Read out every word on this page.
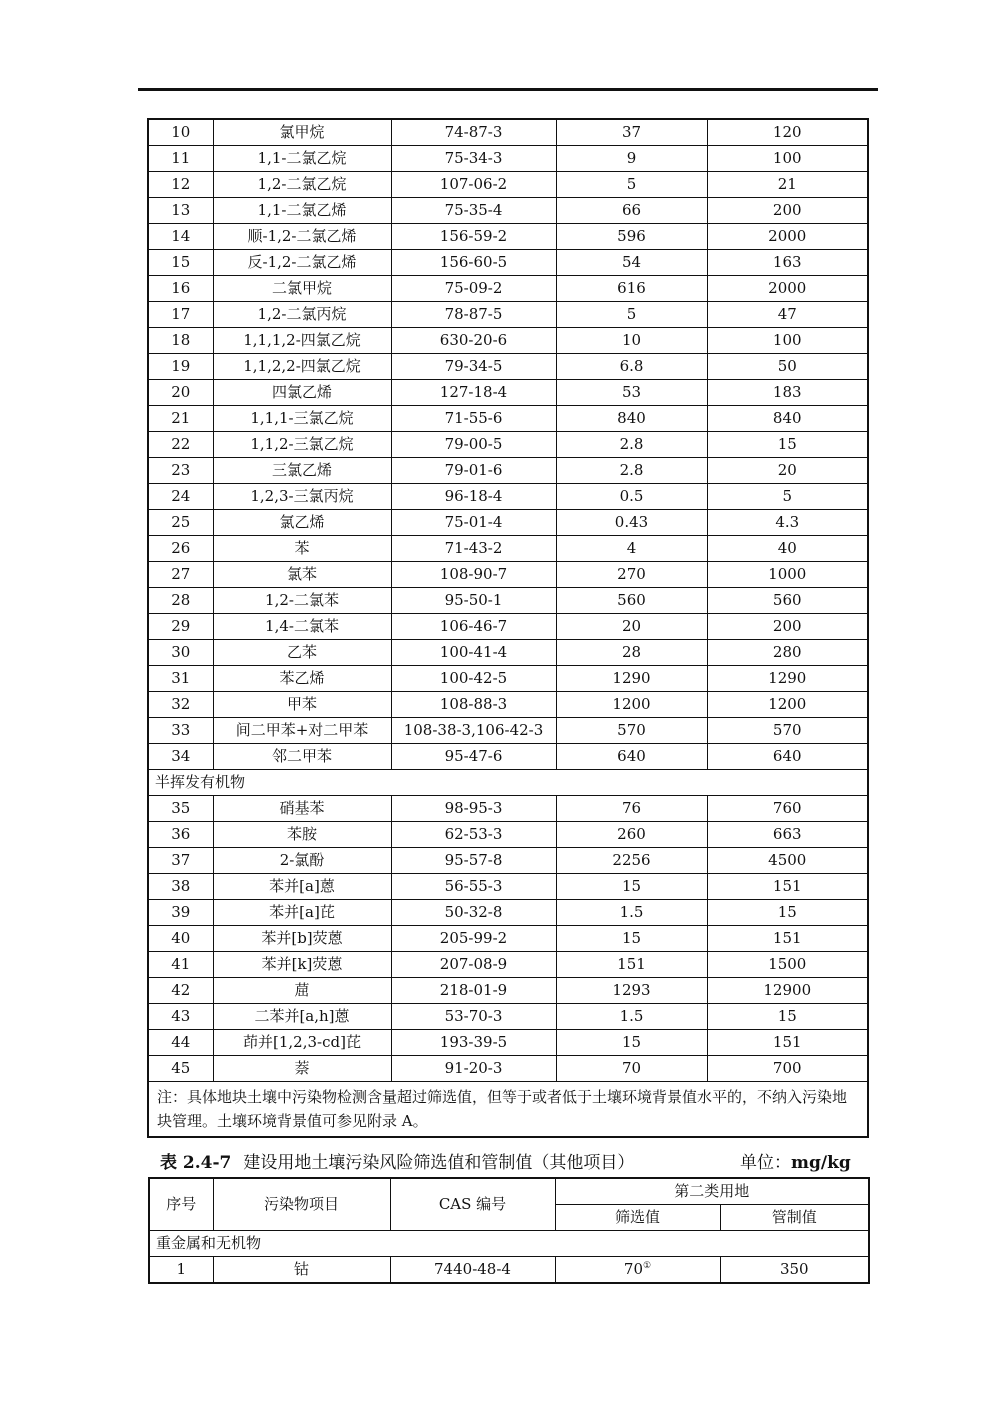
10	氯甲烷	74-87-3	37	120
11	1,1-二氯乙烷	75-34-3	9	100
12	1,2-二氯乙烷	107-06-2	5	21
13	1,1-二氯乙烯	75-35-4	66	200
14	顺-1,2-二氯乙烯	156-59-2	596	2000
15	反-1,2-二氯乙烯	156-60-5	54	163
16	二氯甲烷	75-09-2	616	2000
17	1,2-二氯丙烷	78-87-5	5	47
18	1,1,1,2-四氯乙烷	630-20-6	10	100
19	1,1,2,2-四氯乙烷	79-34-5	6.8	50
20	四氯乙烯	127-18-4	53	183
21	1,1,1-三氯乙烷	71-55-6	840	840
22	1,1,2-三氯乙烷	79-00-5	2.8	15
23	三氯乙烯	79-01-6	2.8	20
24	1,2,3-三氯丙烷	96-18-4	0.5	5
25	氯乙烯	75-01-4	0.43	4.3
26	苯	71-43-2	4	40
27	氯苯	108-90-7	270	1000
28	1,2-二氯苯	95-50-1	560	560
29	1,4-二氯苯	106-46-7	20	200
30	乙苯	100-41-4	28	280
31	苯乙烯	100-42-5	1290	1290
32	甲苯	108-88-3	1200	1200
33	间二甲苯+对二甲苯	108-38-3,106-42-3	570	570
34	邻二甲苯	95-47-6	640	640
半挥发有机物				
35	硝基苯	98-95-3	76	760
36	苯胺	62-53-3	260	663
37	2-氯酚	95-57-8	2256	4500
38	苯并[a]蒽	56-55-3	15	151
39	苯并[a]芘	50-32-8	1.5	15
40	苯并[b]荧蒽	205-99-2	15	151
41	苯并[k]荧蒽	207-08-9	151	1500
42	䓛	218-01-9	1293	12900
43	二苯并[a,h]蒽	53-70-3	1.5	15
44	茚并[1,2,3-cd]芘	193-39-5	15	151
45	萘	91-20-3	70	700
注：具体地块土壤中污染物检测含量超过筛选值，但等于或者低于土壤环境背景值水平的，不纳入污染地块管理。土壤环境背景值可参见附录 A。				
表 2.4-7 建设用地土壤污染风险筛选值和管制值（其他项目）	单位：mg/kg
序号	污染物项目	CAS 编号	第二类用地	
			筛选值	管制值
重金属和无机物				
1	钴	7440-48-4	70①	350
